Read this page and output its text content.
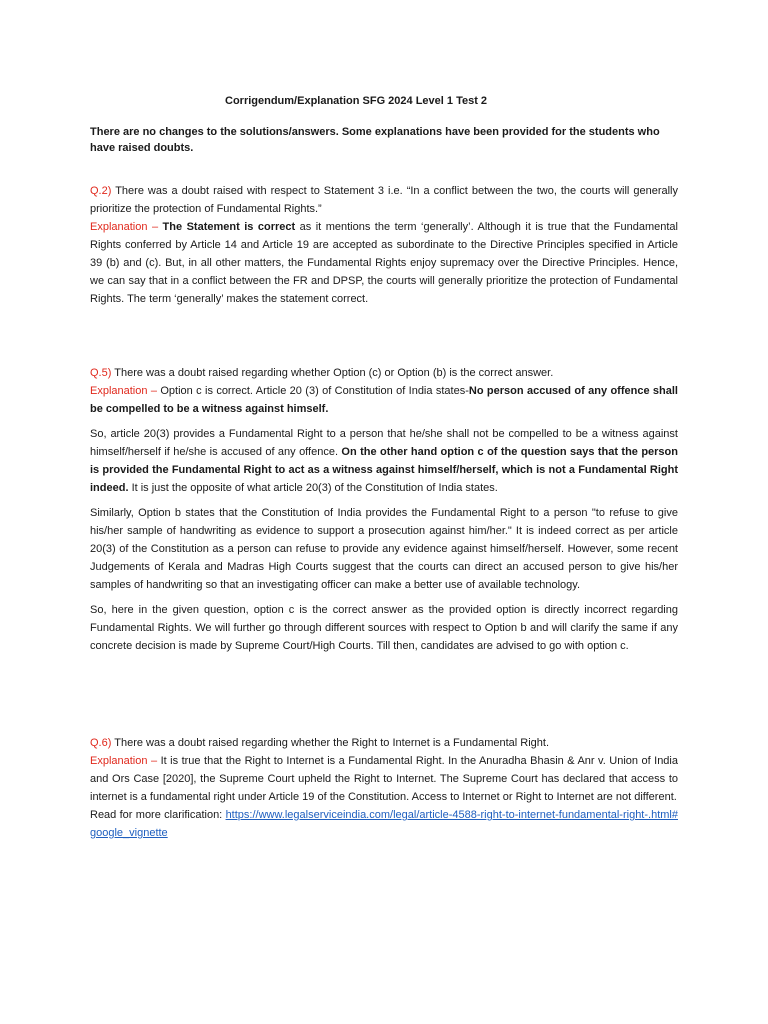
Corrigendum/Explanation SFG 2024 Level 1 Test 2
There are no changes to the solutions/answers. Some explanations have been provided for the students who have raised doubts.

Q.2) There was a doubt raised with respect to Statement 3 i.e. “In a conflict between the two, the courts will generally prioritize the protection of Fundamental Rights.”

Explanation – The Statement is correct as it mentions the term ‘generally’. Although it is true that the Fundamental Rights conferred by Article 14 and Article 19 are accepted as subordinate to the Directive Principles specified in Article 39 (b) and (c). But, in all other matters, the Fundamental Rights enjoy supremacy over the Directive Principles. Hence, we can say that in a conflict between the FR and DPSP, the courts will generally prioritize the protection of Fundamental Rights. The term ‘generally’ makes the statement correct.

Q.5) There was a doubt raised regarding whether Option (c) or Option (b) is the correct answer.

Explanation – Option c is correct. Article 20 (3) of Constitution of India states-No person accused of any offence shall be compelled to be a witness against himself.

So, article 20(3) provides a Fundamental Right to a person that he/she shall not be compelled to be a witness against himself/herself if he/she is accused of any offence. On the other hand option c of the question says that the person is provided the Fundamental Right to act as a witness against himself/herself, which is not a Fundamental Right indeed. It is just the opposite of what article 20(3) of the Constitution of India states.

Similarly, Option b states that the Constitution of India provides the Fundamental Right to a person "to refuse to give his/her sample of handwriting as evidence to support a prosecution against him/her." It is indeed correct as per article 20(3) of the Constitution as a person can refuse to provide any evidence against himself/herself. However, some recent Judgements of Kerala and Madras High Courts suggest that the courts can direct an accused person to give his/her samples of handwriting so that an investigating officer can make a better use of available technology.

So, here in the given question, option c is the correct answer as the provided option is directly incorrect regarding Fundamental Rights. We will further go through different sources with respect to Option b and will clarify the same if any concrete decision is made by Supreme Court/High Courts. Till then, candidates are advised to go with option c.

Q.6) There was a doubt raised regarding whether the Right to Internet is a Fundamental Right.

Explanation – It is true that the Right to Internet is a Fundamental Right. In the Anuradha Bhasin & Anr v. Union of India and Ors Case [2020], the Supreme Court upheld the Right to Internet. The Supreme Court has declared that access to internet is a fundamental right under Article 19 of the Constitution. Access to Internet or Right to Internet are not different.

Read for more clarification: https://www.legalserviceindia.com/legal/article-4588-right-to-internet-fundamental-right-.html#google_vignette
